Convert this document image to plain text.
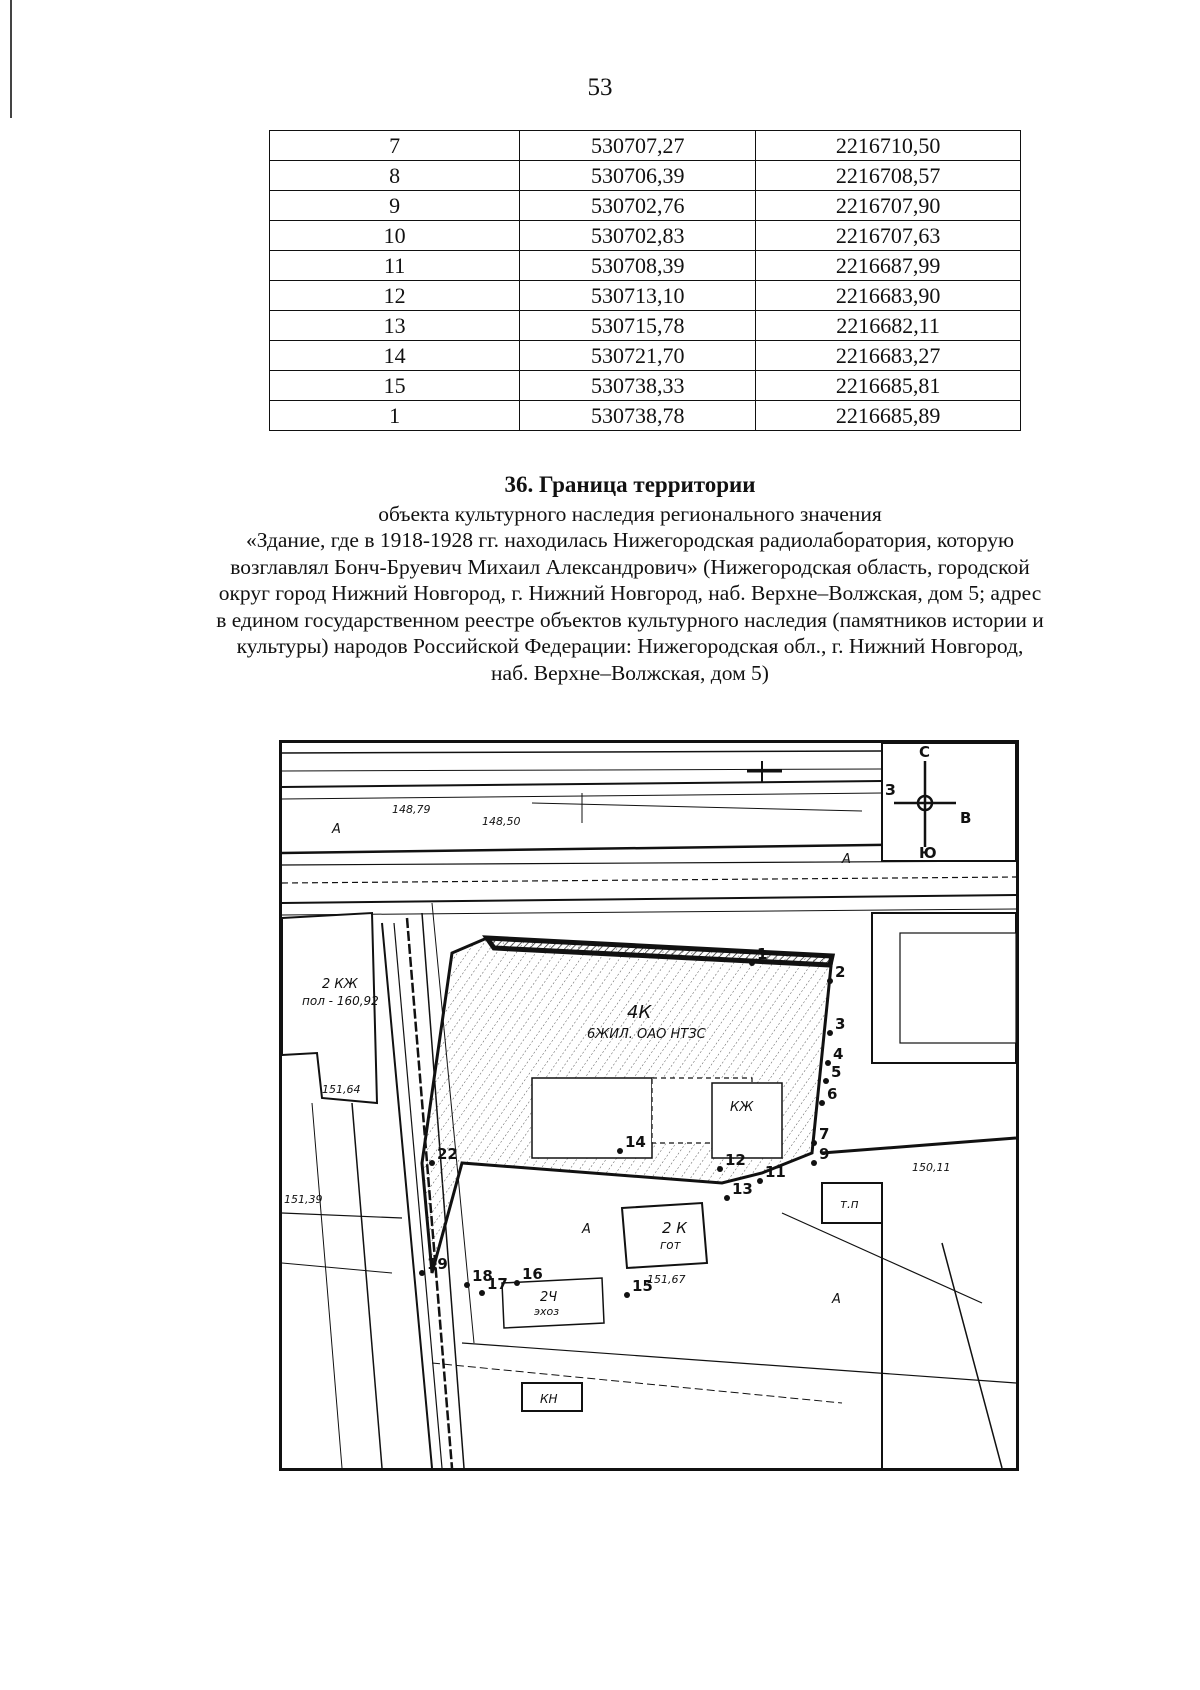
53
7	530707,27	2216710,50
8	530706,39	2216708,57
9	530702,76	2216707,90
10	530702,83	2216707,63
11	530708,39	2216687,99
12	530713,10	2216683,90
13	530715,78	2216682,11
14	530721,70	2216683,27
15	530738,33	2216685,81
1	530738,78	2216685,89
36. Граница территории
объекта культурного наследия регионального значения
«Здание, где в 1918-1928 гг. находилась Нижегородская радиолаборатория, которую
возглавлял Бонч-Бруевич Михаил Александрович» (Нижегородская область, городской
округ город Нижний Новгород, г. Нижний Новгород, наб. Верхне–Волжская, дом 5; адрес
в едином государственном реестре объектов культурного наследия (памятников истории и
культуры) народов Российской Федерации: Нижегородская обл., г. Нижний Новгород,
наб. Верхне–Волжская, дом 5)
С
В
Ю
З
2 КЖ
пол - 160,92
4К
6ЖИЛ. ОАО НТЗС
КЖ
т.п
2 К
гот
2Ч
эхоз
КН
148,79
148,50
151,64
151,39
151,67
150,11
А
А
А
А
1
2
3
4
5
6
7
9
11
12
13
14
15
16
17
18
19
22
